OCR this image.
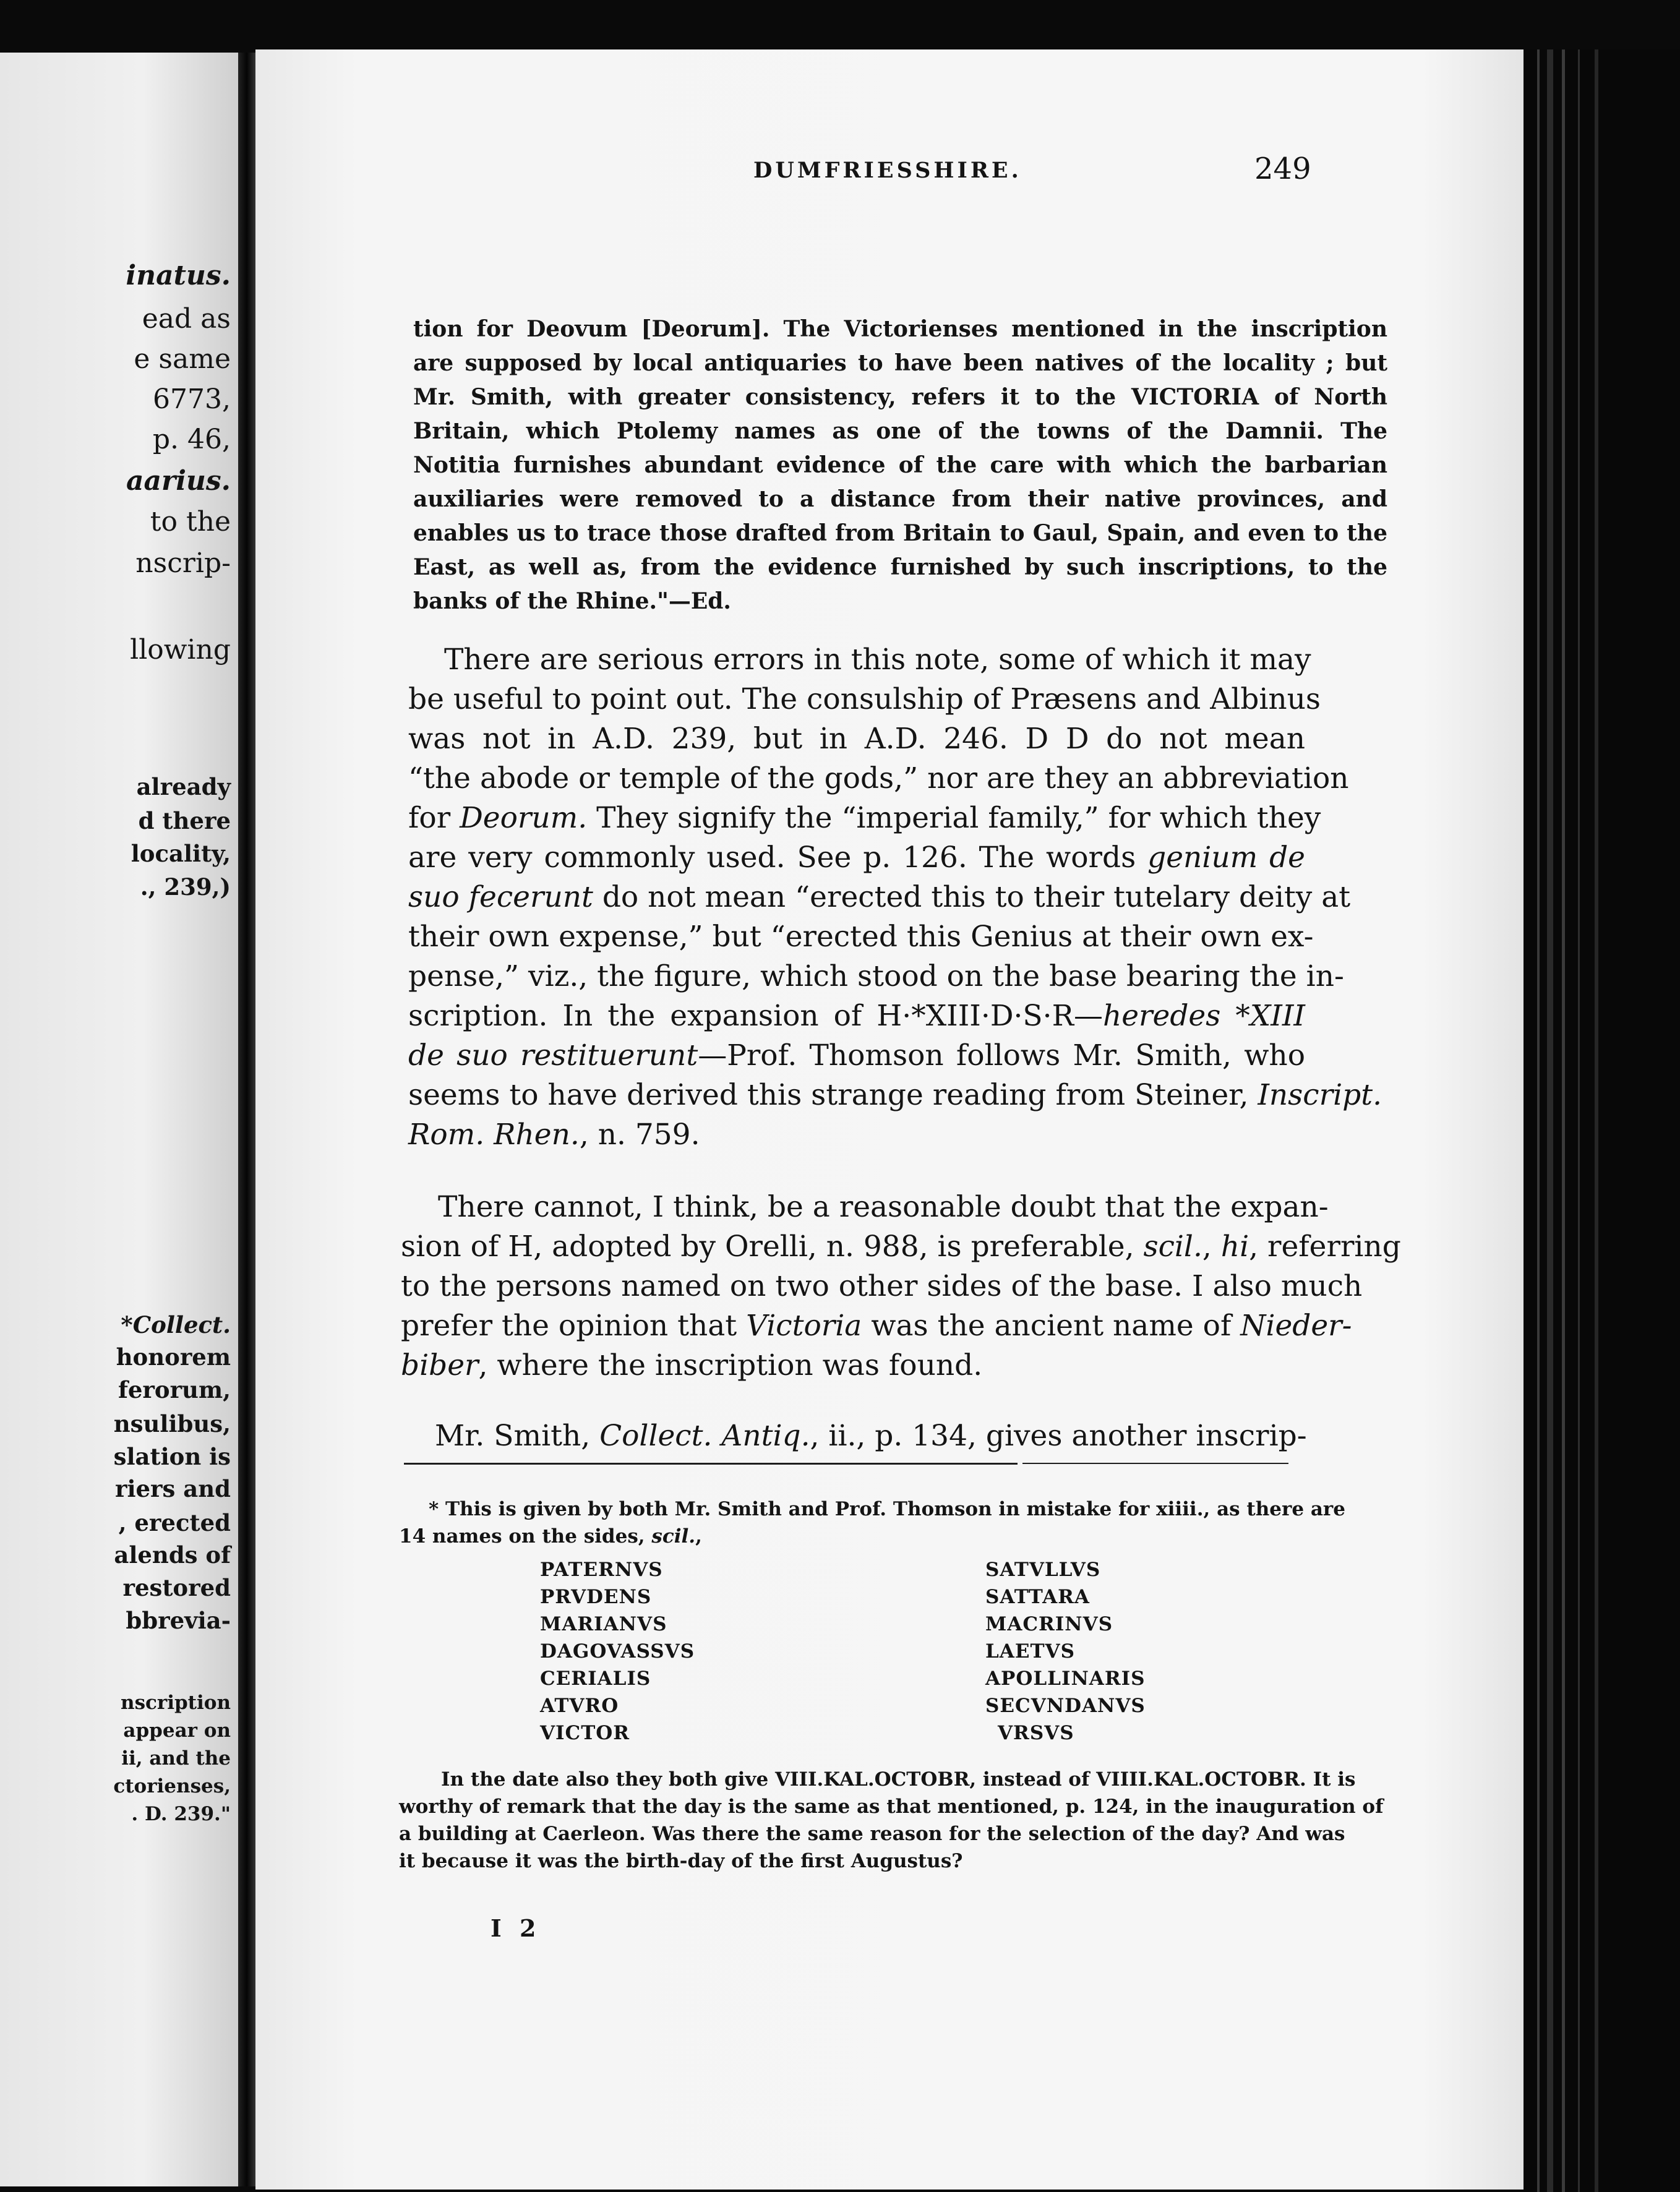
inatus.
ead as
e same
6773,
p. 46,
aarius.
to the
nscrip-
llowing
already
d there
locality,
., 239,)
*Collect.
honorem
ferorum,
nsulibus,
slation is
riers and
, erected
alends of
restored
bbrevia-
nscription
appear on
ii, and the
ctorienses,
. D. 239."
DUMFRIESSHIRE.	249
tion for Deovum [Deorum]. The Victorienses mentioned in the inscription
are supposed by local antiquaries to have been natives of the locality ; but
Mr. Smith, with greater consistency, refers it to the VICTORIA of North
Britain, which Ptolemy names as one of the towns of the Damnii. The
Notitia furnishes abundant evidence of the care with which the barbarian
auxiliaries were removed to a distance from their native provinces, and
enables us to trace those drafted from Britain to Gaul, Spain, and even to the
East, as well as, from the evidence furnished by such inscriptions, to the
banks of the Rhine."—Ed.
There are serious errors in this note, some of which it may
be useful to point out. The consulship of Præsens and Albinus
was not in A.D. 239, but in A.D. 246. D D do not mean
“the abode or temple of the gods,” nor are they an abbreviation
for Deorum. They signify the “imperial family,” for which they
are very commonly used. See p. 126. The words genium de
suo fecerunt do not mean “erected this to their tutelary deity at
their own expense,” but “erected this Genius at their own ex-
pense,” viz., the figure, which stood on the base bearing the in-
scription. In the expansion of H·*XIII·D·S·R—heredes *XIII
de suo restituerunt—Prof. Thomson follows Mr. Smith, who
seems to have derived this strange reading from Steiner, Inscript.
Rom. Rhen., n. 759.
There cannot, I think, be a reasonable doubt that the expan-
sion of H, adopted by Orelli, n. 988, is preferable, scil., hi, referring
to the persons named on two other sides of the base. I also much
prefer the opinion that Victoria was the ancient name of Nieder-
biber, where the inscription was found.
Mr. Smith, Collect. Antiq., ii., p. 134, gives another inscrip-
* This is given by both Mr. Smith and Prof. Thomson in mistake for xiiii., as there are
14 names on the sides, scil.,
PATERNVS
PRVDENS
MARIANVS
DAGOVASSVS
CERIALIS
ATVRO
VICTOR
SATVLLVS
SATTARA
MACRINVS
LAETVS
APOLLINARIS
SECVNDANVS
VRSVS
In the date also they both give VIII.KAL.OCTOBR, instead of VIIII.KAL.OCTOBR. It is
worthy of remark that the day is the same as that mentioned, p. 124, in the inauguration of
a building at Caerleon. Was there the same reason for the selection of the day? And was
it because it was the birth-day of the first Augustus?
I 2
